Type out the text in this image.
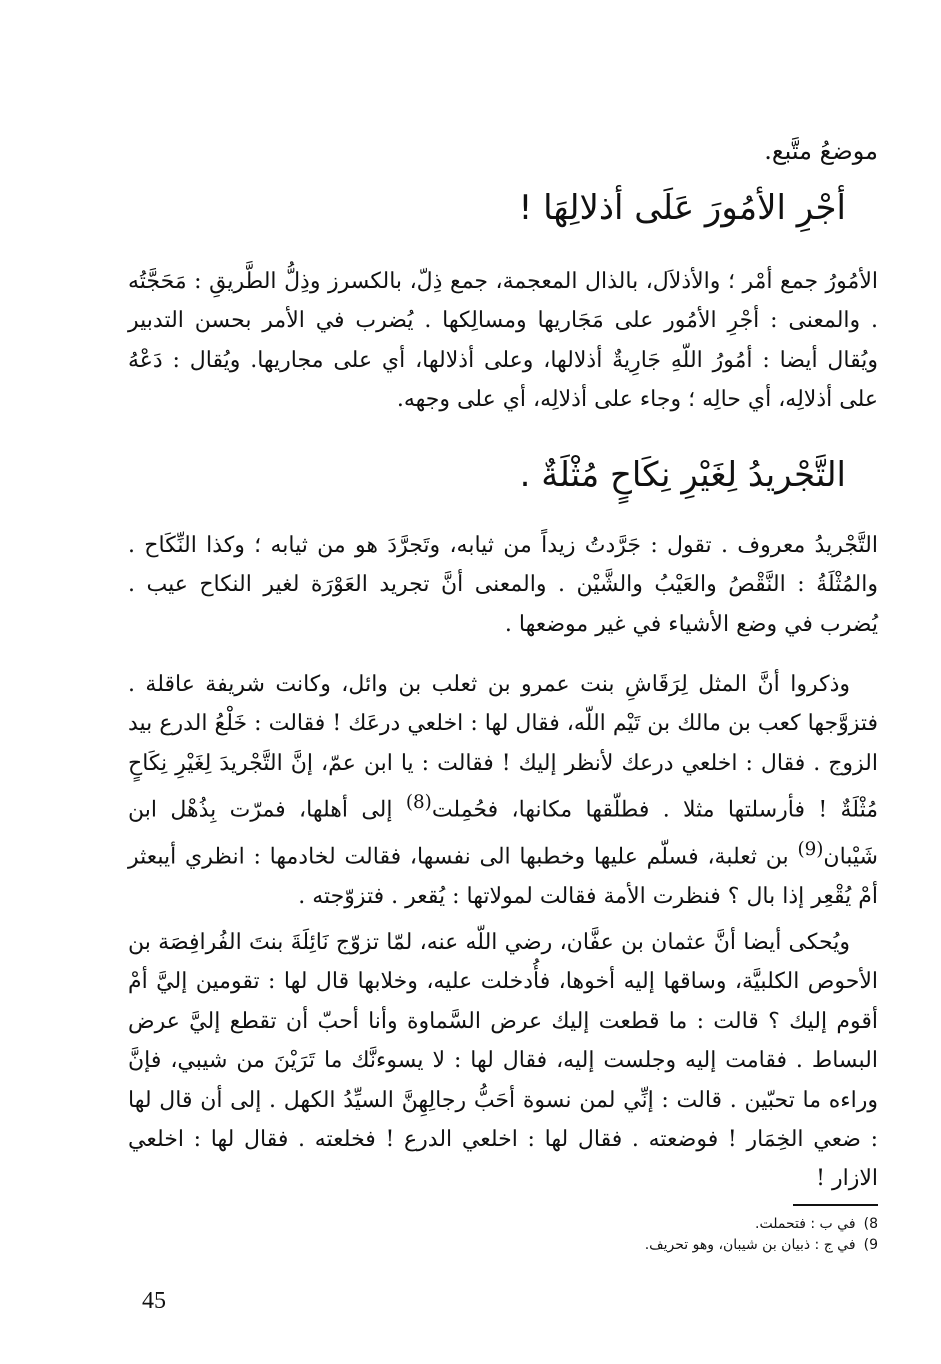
موضعُ متَّبع.
أجْرِ الأمُورَ عَلَى أذلالِهَا !

الأمُورُ جمع أمْر ؛ والأذلاَل، بالذال المعجمة، جمع ذِلّ، بالكسرز وذِلُّ الطَّريقِ : مَحَجَّتُه . والمعنى : أجْرِ الأمُور على مَجَاريها ومسالِكها . يُضرب في الأمر بحسن التدبير ويُقال أيضا : أمُورُ اللّهِ جَارِيةٌ أذلالها، وعلى أذلالها، أي على مجاريها. ويُقال : دَعْهُ على أذلالِه، أي حالِه ؛ وجاء على أذلالِه، أي على وجهه.

التَّجْريدُ لِغَيْرِ نِكَاحٍ مُثْلَةٌ .

التَّجْريدُ معروف . تقول : جَرَّدتُ زيداً من ثيابه، وتَجرَّدَ هو من ثيابه ؛ وكذا النِّكَاح . والمُثْلَةُ : النَّقْصُ والعَيْبُ والشَّيْن . والمعنى أنَّ تجريد العَوْرَة لغير النكاح عيب . يُضرب في وضع الأشياء في غير موضعها .

وذكروا أنَّ المثل لِرَقَاشِ بنت عمرو بن ثعلب بن وائل، وكانت شريفة عاقلة . فتزوَّجها كعب بن مالك بن تَيْم اللّه، فقال لها : اخلعي درعَك ! فقالت : خَلْعُ الدرع بيد الزوج . فقال : اخلعي درعك لأنظر إليك ! فقالت : يا ابن عمّ، إنَّ التَّجْريدَ لِغَيْرِ نِكَاحٍ مُثْلَةٌ ! فأرسلتها مثلا . فطلّقها مكانها، فحُمِلت$^{(8)}$ إلى أهلها، فمرّت بِذُهْل ابن شَيْبان$^{(9)}$ بن ثعلبة، فسلّم عليها وخطبها الى نفسها، فقالت لخادمها : انظري أيبعثر أمْ يُقْعِر إذا بال ؟ فنظرت الأمة فقالت لمولاتها : يُقعر . فتزوّجته .

ويُحكى أيضا أنَّ عثمان بن عفَّان، رضي اللّه عنه، لمّا تزوّج نَائِلَةَ بنتَ الفُرافِصَة بن الأحوص الكلبيَّة، وساقها إليه أخوها، فأُدخلت عليه، وخلابها قال لها : تقومين إليَّ أمْ أقوم إليك ؟ قالت : ما قطعت إليك عرض السَّماوة وأنا أحبّ أن تقطع إليَّ عرض البساط . فقامت إليه وجلست إليه، فقال لها : لا يسوءنَّك ما تَرَيْنَ من شيبي، فإنَّ وراءه ما تحبّين . قالت : إنِّي لمن نسوة أحَبُّ رجالِهِنَّ السيِّدُ الكهل . إلى أن قال لها : ضعي الخِمَار ! فوضعته . فقال لها : اخلعي الدرع ! فخلعته . فقال لها : اخلعي الازار !

8) في ب : فتحملت.
9) في ج : ذبيان بن شيبان، وهو تحريف.
45
